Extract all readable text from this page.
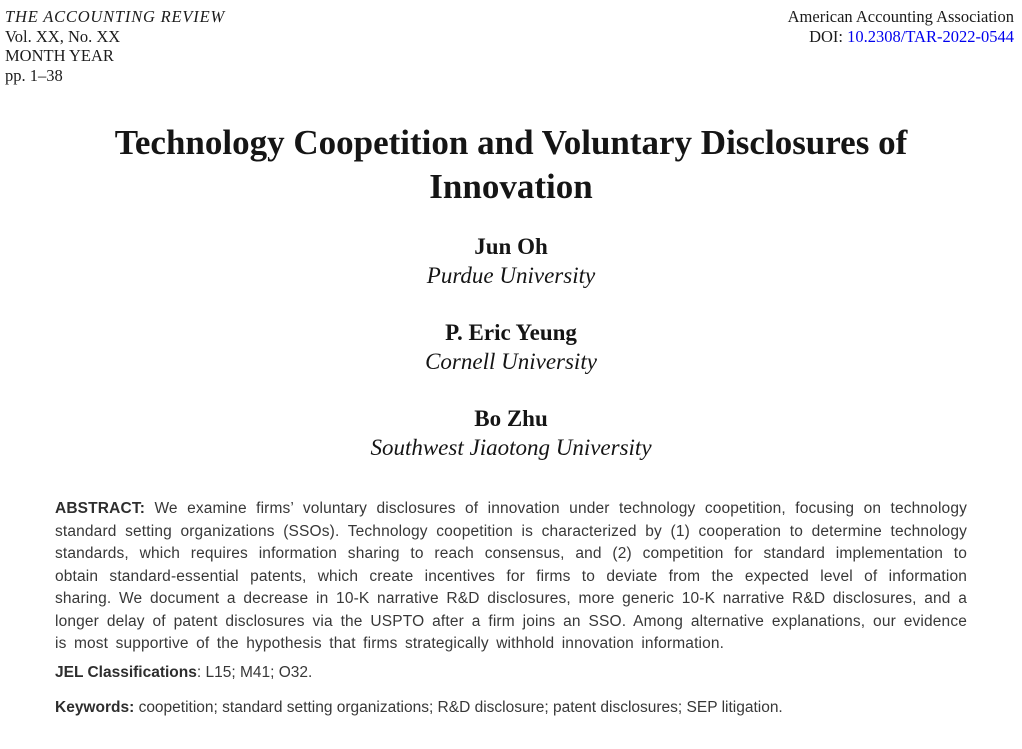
THE ACCOUNTING REVIEW
Vol. XX, No. XX
MONTH YEAR
pp. 1–38
American Accounting Association
DOI: 10.2308/TAR-2022-0544
Technology Coopetition and Voluntary Disclosures of Innovation
Jun Oh
Purdue University
P. Eric Yeung
Cornell University
Bo Zhu
Southwest Jiaotong University

ABSTRACT: We examine firms’ voluntary disclosures of innovation under technology coopetition, focusing on technology standard setting organizations (SSOs). Technology coopetition is characterized by (1) cooperation to determine technology standards, which requires information sharing to reach consensus, and (2) competition for standard implementation to obtain standard-essential patents, which create incentives for firms to deviate from the expected level of information sharing. We document a decrease in 10-K narrative R&D disclosures, more generic 10-K narrative R&D disclosures, and a longer delay of patent disclosures via the USPTO after a firm joins an SSO. Among alternative explanations, our evidence is most supportive of the hypothesis that firms strategically withhold innovation information.

JEL Classifications: L15; M41; O32.

Keywords: coopetition; standard setting organizations; R&D disclosure; patent disclosures; SEP litigation.
